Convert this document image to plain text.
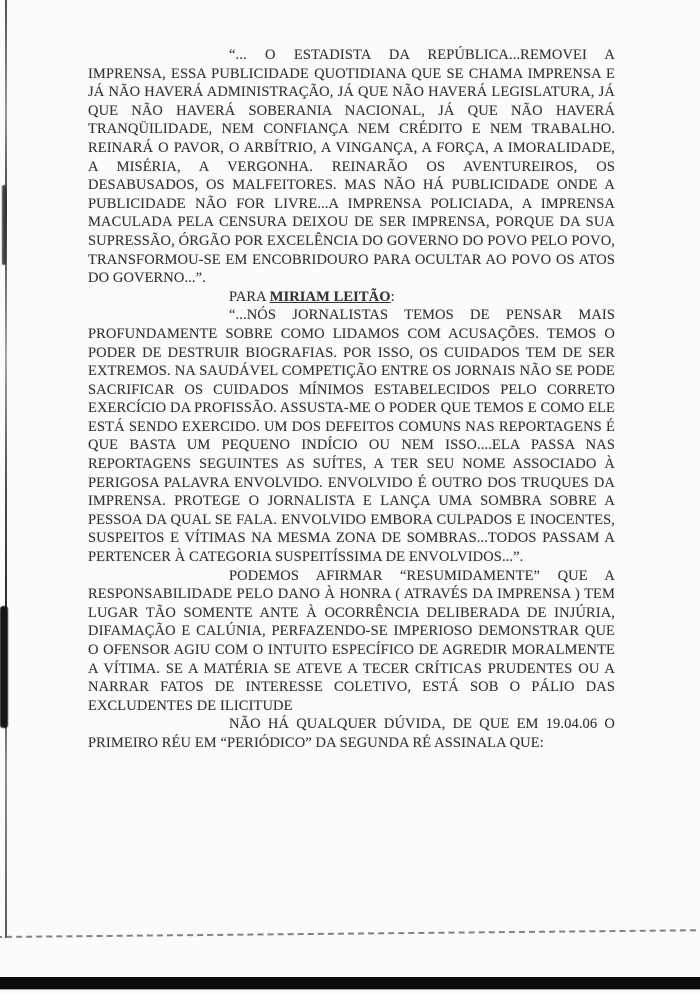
“... O ESTADISTA DA REPÚBLICA...REMOVEI A IMPRENSA, ESSA PUBLICIDADE QUOTIDIANA QUE SE CHAMA IMPRENSA E JÁ NÃO HAVERÁ ADMINISTRAÇÃO, JÁ QUE NÃO HAVERÁ LEGISLATURA, JÁ QUE NÃO HAVERÁ SOBERANIA NACIONAL, JÁ QUE NÃO HAVERÁ TRANQÜILIDADE, NEM CONFIANÇA NEM CRÉDITO E NEM TRABALHO. REINARÁ O PAVOR, O ARBÍTRIO, A VINGANÇA, A FORÇA, A IMORALIDADE, A MISÉRIA, A VERGONHA. REINARÃO OS AVENTUREIROS, OS DESABUSADOS, OS MALFEITORES. MAS NÃO HÁ PUBLICIDADE ONDE A PUBLICIDADE NÃO FOR LIVRE...A IMPRENSA POLICIADA, A IMPRENSA MACULADA PELA CENSURA DEIXOU DE SER IMPRENSA, PORQUE DA SUA SUPRESSÃO, ÓRGÃO POR EXCELÊNCIA DO GOVERNO DO POVO PELO POVO, TRANSFORMOU-SE EM ENCOBRIDOURO PARA OCULTAR AO POVO OS ATOS DO GOVERNO...”.

PARA MIRIAM LEITÃO:

“...NÓS JORNALISTAS TEMOS DE PENSAR MAIS PROFUNDAMENTE SOBRE COMO LIDAMOS COM ACUSAÇÕES. TEMOS O PODER DE DESTRUIR BIOGRAFIAS. POR ISSO, OS CUIDADOS TEM DE SER EXTREMOS. NA SAUDÁVEL COMPETIÇÃO ENTRE OS JORNAIS NÃO SE PODE SACRIFICAR OS CUIDADOS MÍNIMOS ESTABELECIDOS PELO CORRETO EXERCÍCIO DA PROFISSÃO. ASSUSTA-ME O PODER QUE TEMOS E COMO ELE ESTÁ SENDO EXERCIDO. UM DOS DEFEITOS COMUNS NAS REPORTAGENS É QUE BASTA UM PEQUENO INDÍCIO OU NEM ISSO....ELA PASSA NAS REPORTAGENS SEGUINTES AS SUÍTES, A TER SEU NOME ASSOCIADO À PERIGOSA PALAVRA ENVOLVIDO. ENVOLVIDO É OUTRO DOS TRUQUES DA IMPRENSA. PROTEGE O JORNALISTA E LANÇA UMA SOMBRA SOBRE A PESSOA DA QUAL SE FALA. ENVOLVIDO EMBORA CULPADOS E INOCENTES, SUSPEITOS E VÍTIMAS NA MESMA ZONA DE SOMBRAS...TODOS PASSAM A PERTENCER À CATEGORIA SUSPEITÍSSIMA DE ENVOLVIDOS...”.

PODEMOS AFIRMAR “RESUMIDAMENTE” QUE A RESPONSABILIDADE PELO DANO À HONRA ( ATRAVÉS DA IMPRENSA ) TEM LUGAR TÃO SOMENTE ANTE À OCORRÊNCIA DELIBERADA DE INJÚRIA, DIFAMAÇÃO E CALÚNIA, PERFAZENDO-SE IMPERIOSO DEMONSTRAR QUE O OFENSOR AGIU COM O INTUITO ESPECÍFICO DE AGREDIR MORALMENTE A VÍTIMA. SE A MATÉRIA SE ATEVE A TECER CRÍTICAS PRUDENTES OU A NARRAR FATOS DE INTERESSE COLETIVO, ESTÁ SOB O PÁLIO DAS EXCLUDENTES DE ILICITUDE

NÃO HÁ QUALQUER DÚVIDA, DE QUE EM 19.04.06 O PRIMEIRO RÉU EM “PERIÓDICO” DA SEGUNDA RÉ ASSINALA QUE:
